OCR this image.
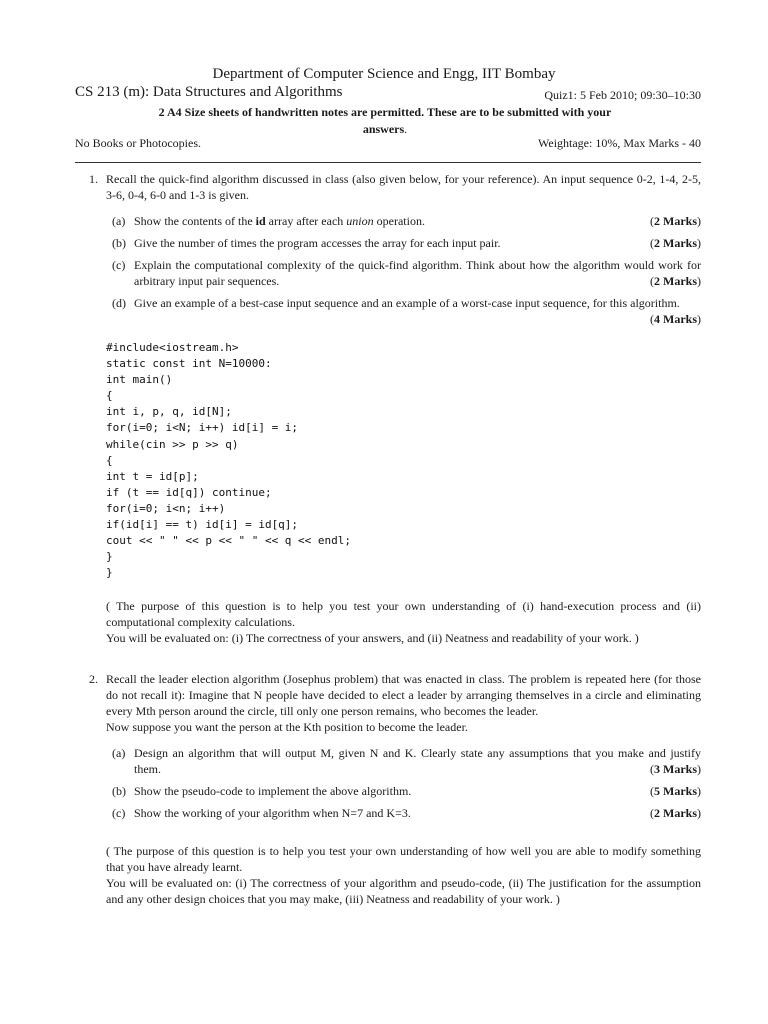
Department of Computer Science and Engg, IIT Bombay
CS 213 (m): Data Structures and Algorithms	Quiz1: 5 Feb 2010; 09:30–10:30
2 A4 Size sheets of handwritten notes are permitted. These are to be submitted with your
answers.
No Books or Photocopies.	Weightage: 10%, Max Marks - 40
1. Recall the quick-find algorithm discussed in class (also given below, for your reference). An input sequence 0-2, 1-4, 2-5, 3-6, 0-4, 6-0 and 1-3 is given.
(a)	(2 Marks)
Show the contents of the id array after each union operation.
(b)	(2 Marks)
Give the number of times the program accesses the array for each input pair.
(c) Explain the computational complexity of the quick-find algorithm. Think about how the algorithm would work for arbitrary input pair sequences.	(2 Marks)
(d) Give an example of a best-case input sequence and an example of a worst-case input sequence, for this algorithm.
(4 Marks)
#include<iostream.h>
static const int N=10000:
int main()
{
int i, p, q, id[N];
for(i=0; i<N; i++) id[i] = i;
while(cin >> p >> q)
{
int t = id[p];
if (t == id[q]) continue;
for(i=0; i<n; i++)
if(id[i] == t) id[i] = id[q];
cout << " " << p << " " << q << endl;
}
}
( The purpose of this question is to help you test your own understanding of (i) hand-execution process and (ii) computational complexity calculations.
You will be evaluated on: (i) The correctness of your answers, and (ii) Neatness and readability of your work. )
2. Recall the leader election algorithm (Josephus problem) that was enacted in class. The problem is repeated here (for those do not recall it): Imagine that N people have decided to elect a leader by arranging themselves in a circle and eliminating every Mth person around the circle, till only one person remains, who becomes the leader.
Now suppose you want the person at the Kth position to become the leader.
(a) Design an algorithm that will output M, given N and K. Clearly state any assumptions that you make and justify them.	(3 Marks)
(b)	(5 Marks)
Show the pseudo-code to implement the above algorithm.
(c)	(2 Marks)
Show the working of your algorithm when N=7 and K=3.
( The purpose of this question is to help you test your own understanding of how well you are able to modify something that you have already learnt.
You will be evaluated on: (i) The correctness of your algorithm and pseudo-code, (ii) The justification for the assumption and any other design choices that you may make, (iii) Neatness and readability of your work. )
